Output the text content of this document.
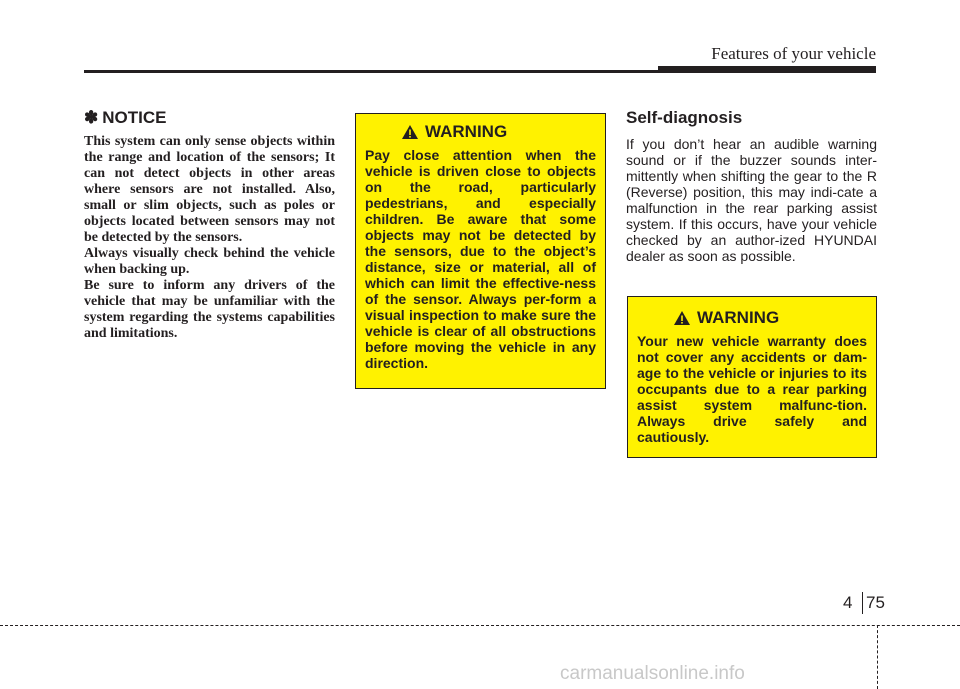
Features of your vehicle
✽ NOTICE

This system can only sense objects within the range and location of the sensors; It can not detect objects in other areas where sensors are not installed. Also, small or slim objects, such as poles or objects located between sensors may not be detected by the sensors.
Always visually check behind the vehicle when backing up.
Be sure to inform any drivers of the vehicle that may be unfamiliar with the system regarding the systems capabilities and limitations.

WARNING

Pay close attention when the vehicle is driven close to objects on the road, particularly pedestrians, and especially children. Be aware that some objects may not be detected by the sensors, due to the object’s distance, size or material, all of which can limit the effective-ness of the sensor. Always per-form a visual inspection to make sure the vehicle is clear of all obstructions before moving the vehicle in any direction.

Self-diagnosis

If you don’t hear an audible warning sound or if the buzzer sounds inter-mittently when shifting the gear to the R (Reverse) position, this may indi-cate a malfunction in the rear parking assist system. If this occurs, have your vehicle checked by an author-ized HYUNDAI dealer as soon as possible.

WARNING

Your new vehicle warranty does not cover any accidents or dam-age to the vehicle or injuries to its occupants due to a rear parking assist system malfunc-tion. Always drive safely and cautiously.

4 75
carmanualsonline.info
